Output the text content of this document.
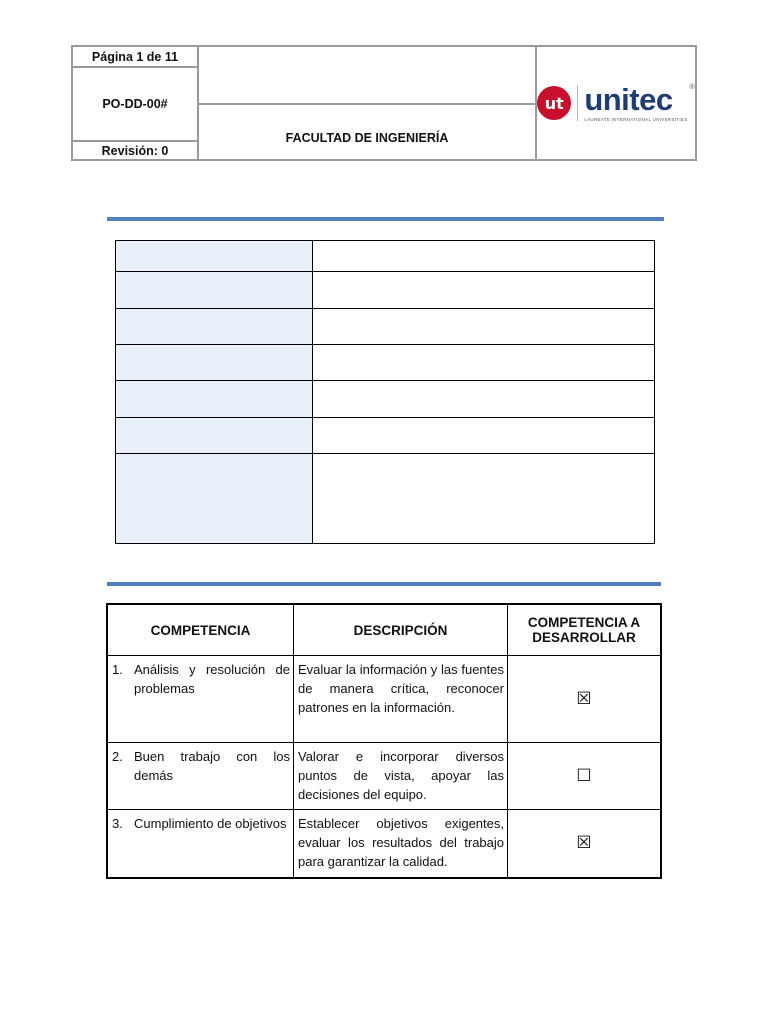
Página 1 de 11
PO-DD-00#
Revisión: 0
FACULTAD DE INGENIERÍA
ut unitec
LAUREATE INTERNATIONAL UNIVERSITIES
®

COMPETENCIA	DESCRIPCIÓN	COMPETENCIA A DESARROLLAR

1. Análisis y resolución de problemas	Evaluar la información y las fuentes de manera crítica, reconocer patrones en la información.	☒

2. Buen trabajo con los demás	Valorar e incorporar diversos puntos de vista, apoyar las decisiones del equipo.	☐

3. Cumplimiento de objetivos	Establecer objetivos exigentes, evaluar los resultados del trabajo para garantizar la calidad.	☒
